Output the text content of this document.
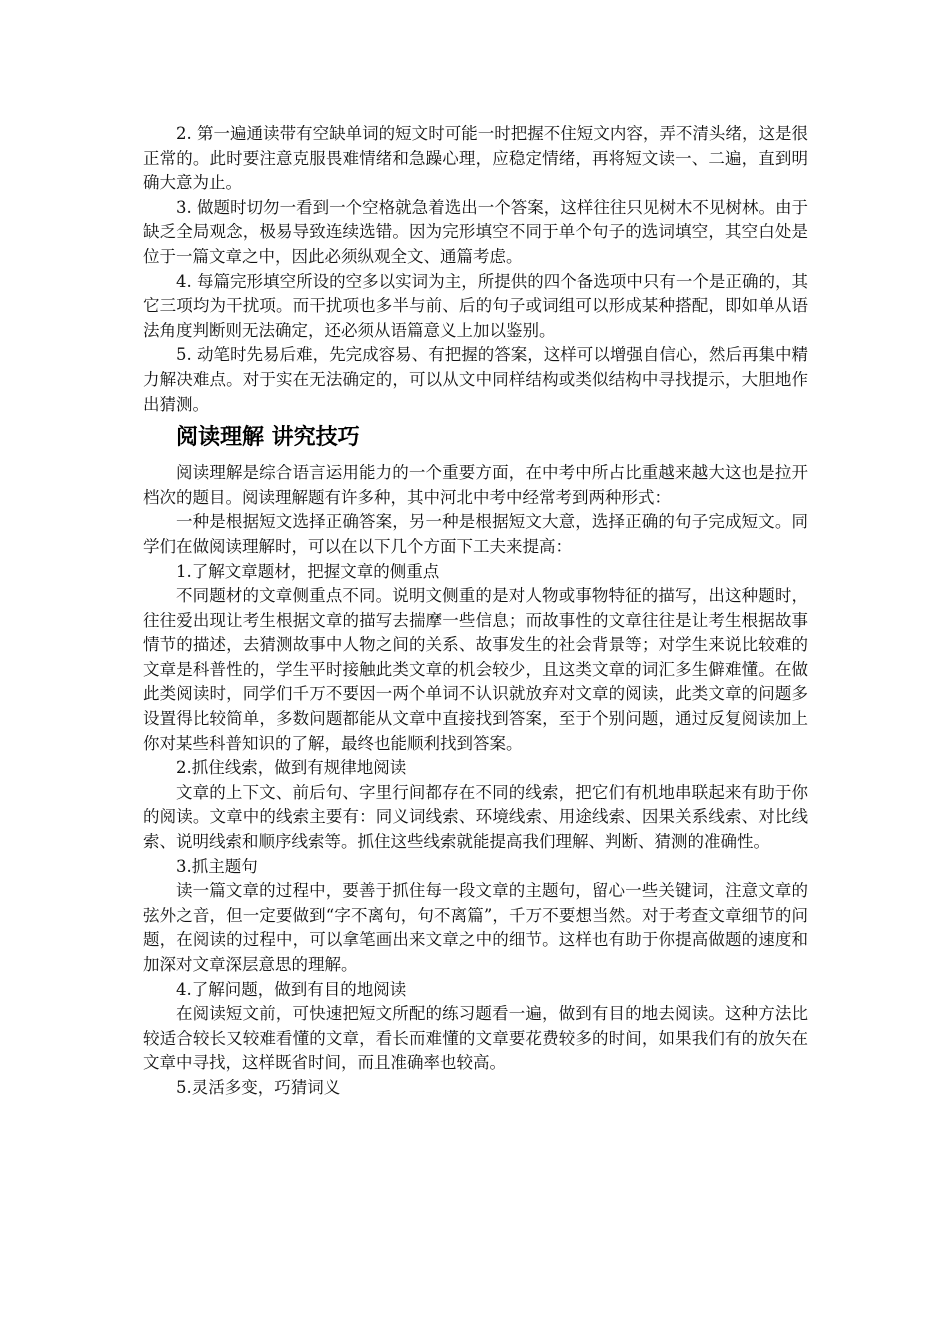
2. 第一遍通读带有空缺单词的短文时可能一时把握不住短文内容，弄不清头绪，这是很正常的。此时要注意克服畏难情绪和急躁心理，应稳定情绪，再将短文读一、二遍，直到明确大意为止。

3. 做题时切勿一看到一个空格就急着选出一个答案，这样往往只见树木不见树林。由于缺乏全局观念，极易导致连续选错。因为完形填空不同于单个句子的选词填空，其空白处是位于一篇文章之中，因此必须纵观全文、通篇考虑。

4. 每篇完形填空所设的空多以实词为主，所提供的四个备选项中只有一个是正确的，其它三项均为干扰项。而干扰项也多半与前、后的句子或词组可以形成某种搭配，即如单从语法角度判断则无法确定，还必须从语篇意义上加以鉴别。

5. 动笔时先易后难，先完成容易、有把握的答案，这样可以增强自信心，然后再集中精力解决难点。对于实在无法确定的，可以从文中同样结构或类似结构中寻找提示，大胆地作出猜测。

阅读理解 讲究技巧

阅读理解是综合语言运用能力的一个重要方面，在中考中所占比重越来越大这也是拉开档次的题目。阅读理解题有许多种，其中河北中考中经常考到两种形式：

一种是根据短文选择正确答案，另一种是根据短文大意，选择正确的句子完成短文。同学们在做阅读理解时，可以在以下几个方面下工夫来提高：

1.了解文章题材，把握文章的侧重点

不同题材的文章侧重点不同。说明文侧重的是对人物或事物特征的描写，出这种题时，往往爱出现让考生根据文章的描写去揣摩一些信息；而故事性的文章往往是让考生根据故事情节的描述，去猜测故事中人物之间的关系、故事发生的社会背景等；对学生来说比较难的文章是科普性的，学生平时接触此类文章的机会较少，且这类文章的词汇多生僻难懂。在做此类阅读时，同学们千万不要因一两个单词不认识就放弃对文章的阅读，此类文章的问题多设置得比较简单，多数问题都能从文章中直接找到答案，至于个别问题，通过反复阅读加上你对某些科普知识的了解，最终也能顺利找到答案。

2.抓住线索，做到有规律地阅读

文章的上下文、前后句、字里行间都存在不同的线索，把它们有机地串联起来有助于你的阅读。文章中的线索主要有：同义词线索、环境线索、用途线索、因果关系线索、对比线索、说明线索和顺序线索等。抓住这些线索就能提高我们理解、判断、猜测的准确性。

3.抓主题句

读一篇文章的过程中，要善于抓住每一段文章的主题句，留心一些关键词，注意文章的弦外之音，但一定要做到“字不离句，句不离篇”，千万不要想当然。对于考查文章细节的问题，在阅读的过程中，可以拿笔画出来文章之中的细节。这样也有助于你提高做题的速度和加深对文章深层意思的理解。

4.了解问题，做到有目的地阅读

在阅读短文前，可快速把短文所配的练习题看一遍，做到有目的地去阅读。这种方法比较适合较长又较难看懂的文章，看长而难懂的文章要花费较多的时间，如果我们有的放矢在文章中寻找，这样既省时间，而且准确率也较高。

5.灵活多变，巧猜词义
